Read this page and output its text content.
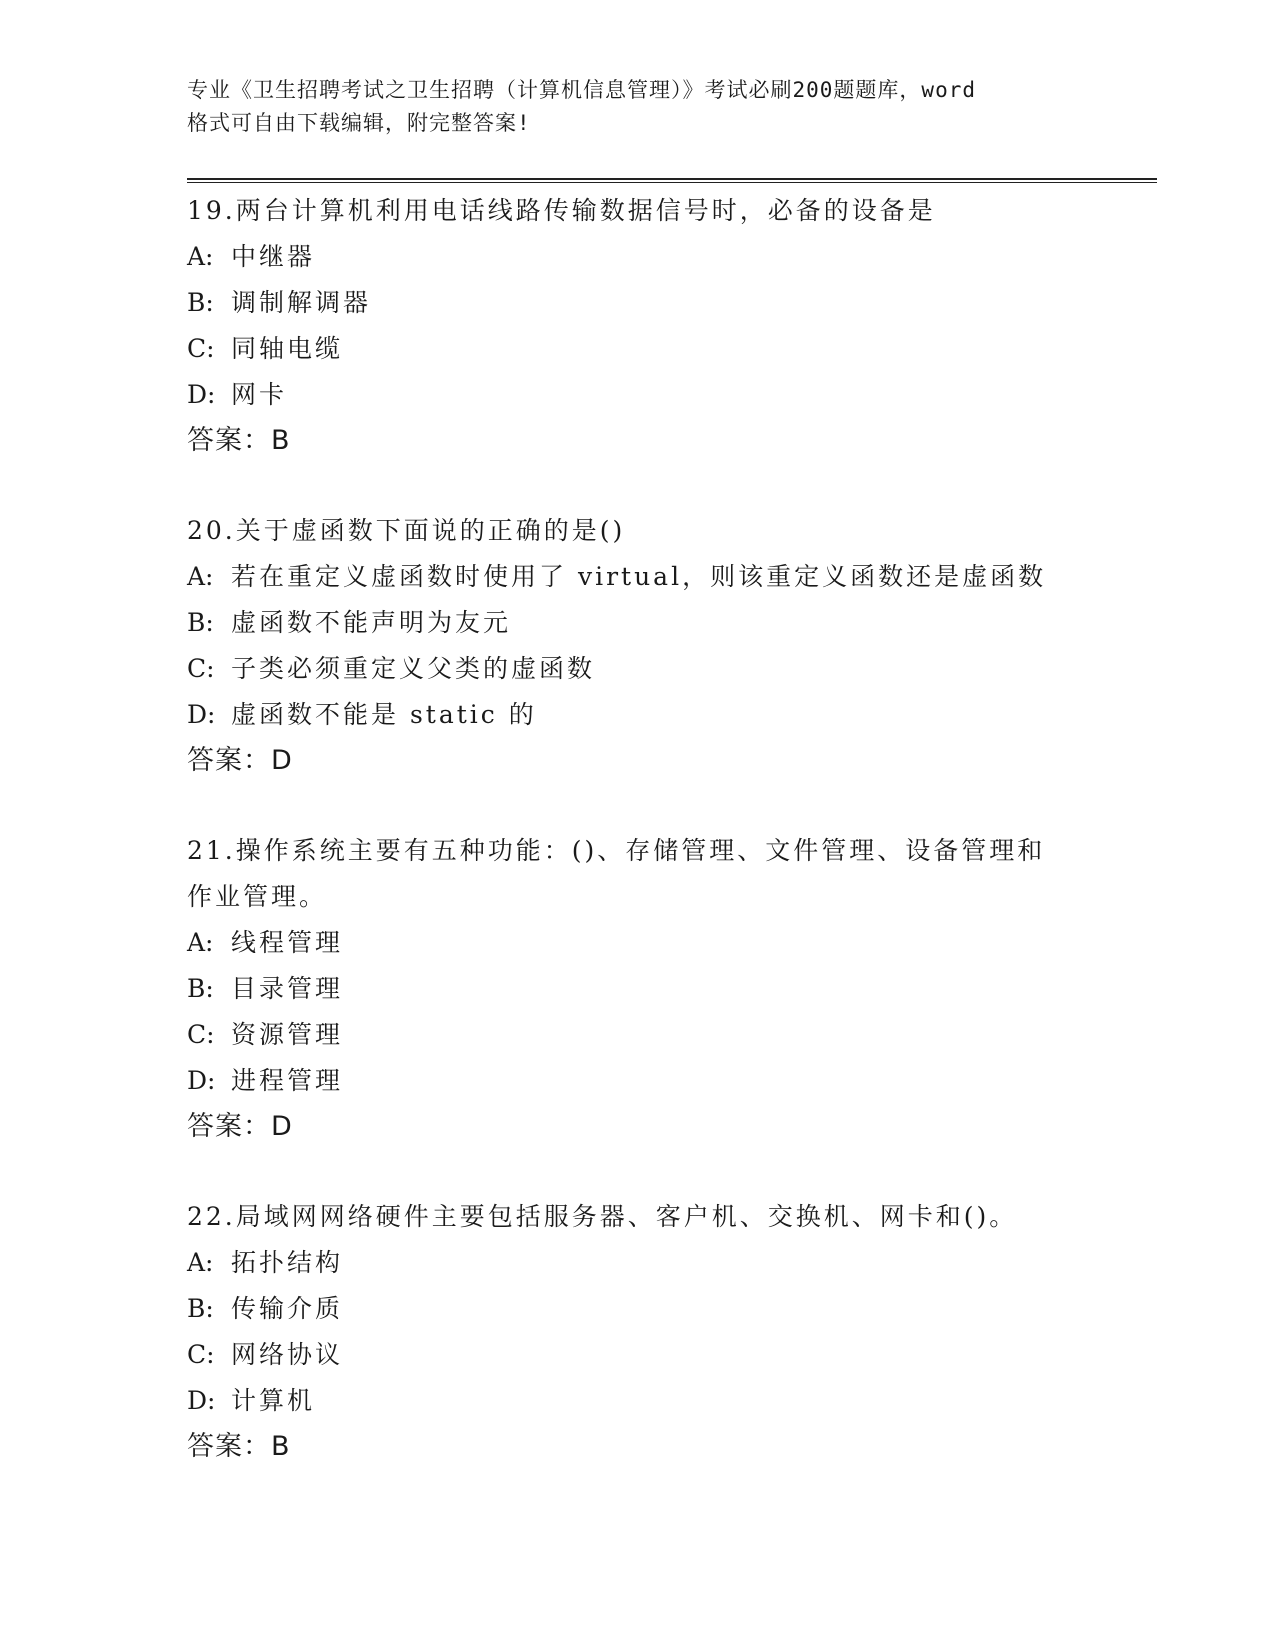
专业《卫生招聘考试之卫生招聘（计算机信息管理）》考试必刷200题题库，word
格式可自由下载编辑，附完整答案!
19.两台计算机利用电话线路传输数据信号时，必备的设备是
A: 中继器
B: 调制解调器
C: 同轴电缆
D: 网卡
答案：B
20.关于虚函数下面说的正确的是()
A: 若在重定义虚函数时使用了 virtual，则该重定义函数还是虚函数
B: 虚函数不能声明为友元
C: 子类必须重定义父类的虚函数
D: 虚函数不能是 static 的
答案：D
21.操作系统主要有五种功能：()、存储管理、文件管理、设备管理和作业管理。
A: 线程管理
B: 目录管理
C: 资源管理
D: 进程管理
答案：D
22.局域网网络硬件主要包括服务器、客户机、交换机、网卡和()。
A: 拓扑结构
B: 传输介质
C: 网络协议
D: 计算机
答案：B
